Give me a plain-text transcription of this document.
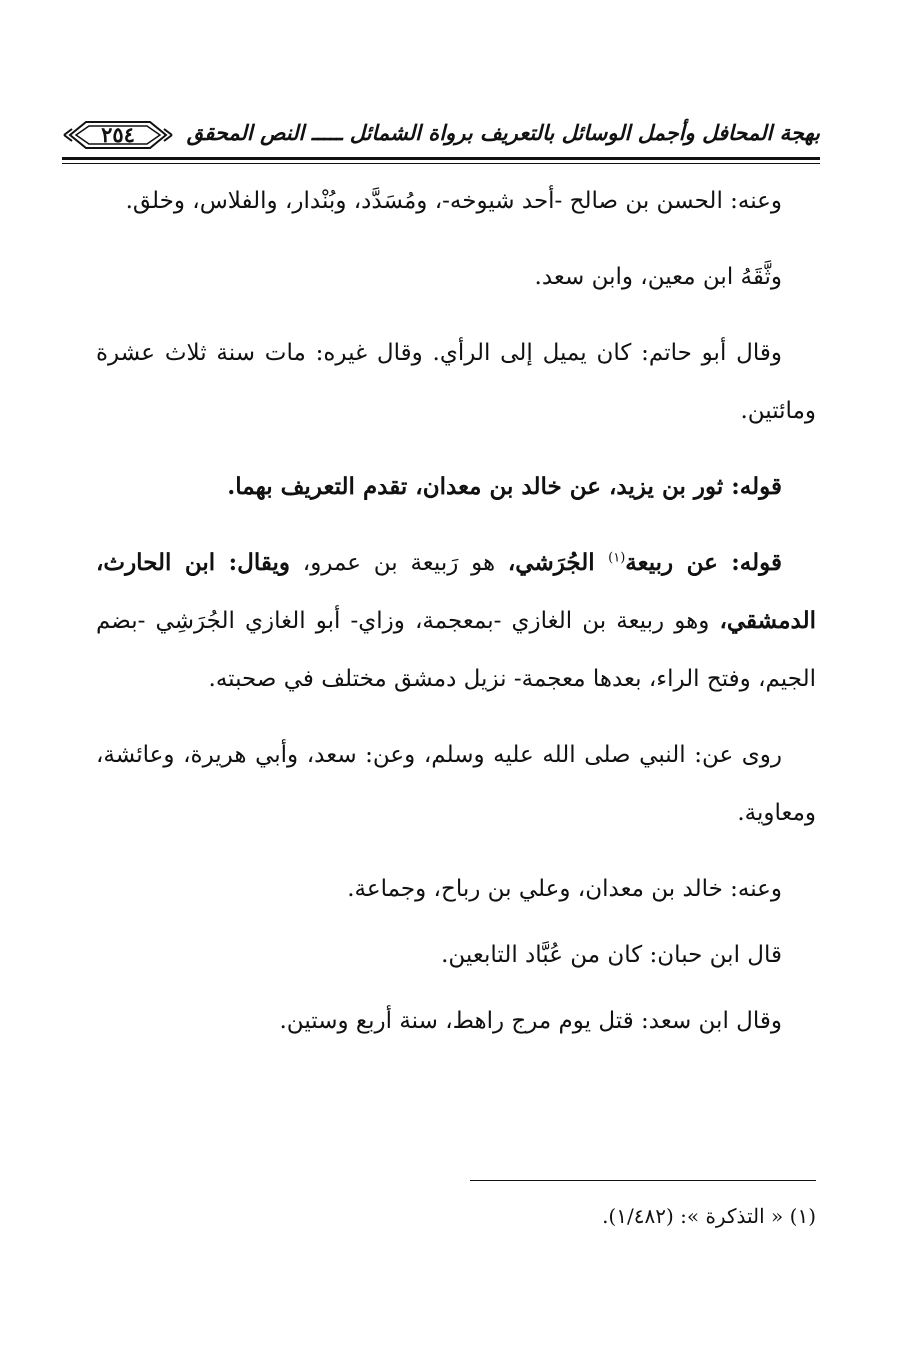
بهجة المحافل وأجمل الوسائل بالتعريف برواة الشمائل ـــــ النص المحقق
٢٥٤

وعنه: الحسن بن صالح -أحد شيوخه-، ومُسَدَّد، وبُنْدار، والفلاس، وخلق.

وثَّقَهُ ابن معين، وابن سعد.

وقال أبو حاتم: كان يميل إلى الرأي. وقال غيره: مات سنة ثلاث عشرة ومائتين.

قوله: ثور بن يزيد، عن خالد بن معدان، تقدم التعريف بهما.

قوله: عن ربيعة$^{(١)}$ الجُرَشي، هو رَبيعة بن عمرو، ويقال: ابن الحارث، الدمشقي، وهو ربيعة بن الغازي -بمعجمة، وزاي- أبو الغازي الجُرَشِي -بضم الجيم، وفتح الراء، بعدها معجمة- نزيل دمشق مختلف في صحبته.

روى عن: النبي صلى الله عليه وسلم، وعن: سعد، وأبي هريرة، وعائشة، ومعاوية.

وعنه: خالد بن معدان، وعلي بن رباح، وجماعة.

قال ابن حبان: كان من عُبَّاد التابعين.

وقال ابن سعد: قتل يوم مرج راهط، سنة أربع وستين.

(١) « التذكرة »: (١/٤٨٢).
